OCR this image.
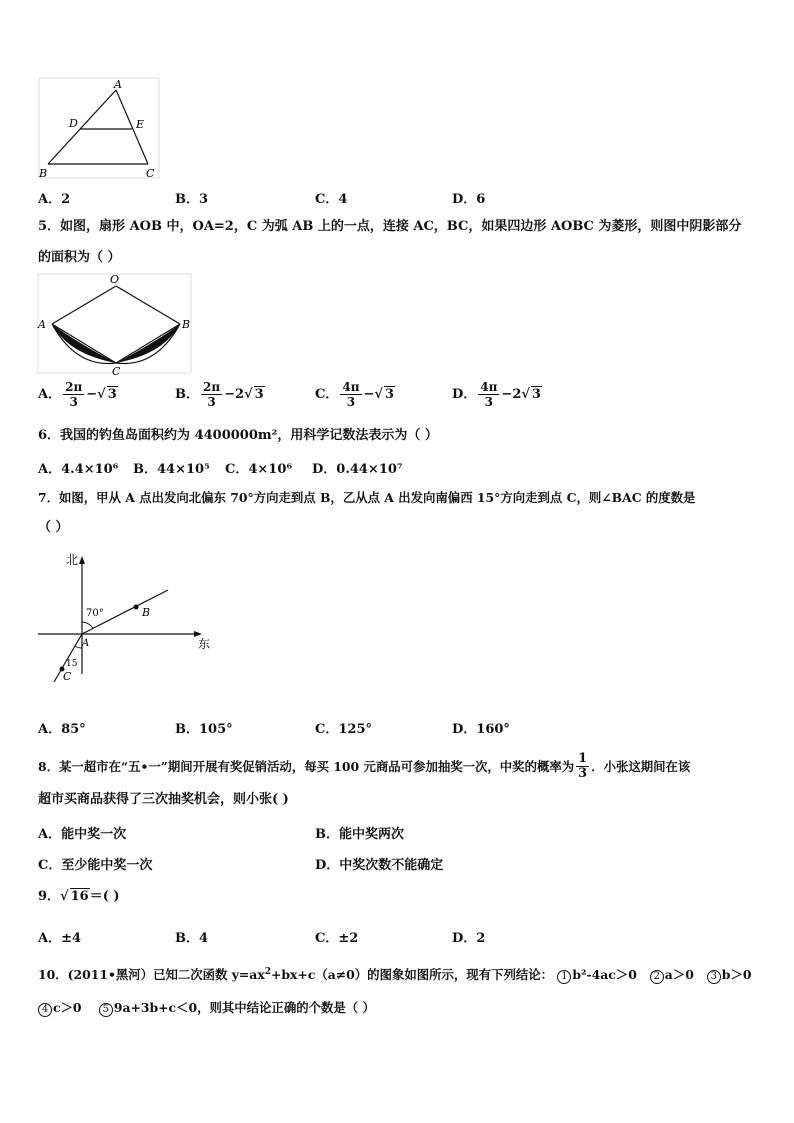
A
D	E
B	C
A．2	B．3	C．4	D．6
5．如图，扇形 AOB 中，OA=2，C 为弧 AB 上的一点，连接 AC，BC，如果四边形 AOBC 为菱形，则图中阴影部分
的面积为（ ）
O
A	B
C
A． $\frac{2\pi}{3}$ −√ 3	B． $\frac{2\pi}{3} -2√$ 3	C． $\frac{4\pi}{3}$ −√ 3	D． $\frac{4\pi}{3} -2√$ 3
6．我国的钓鱼岛面积约为 4400000m²，用科学记数法表示为（ ）
A．4.4×10⁶ B．44×10⁵ C．4×10⁶ D．0.44×10⁷
7．如图，甲从 A 点出发向北偏东 70°方向走到点 B，乙从点 A 出发向南偏西 15°方向走到点 C，则∠BAC 的度数是
（ ）
北
东
70°
15
A
B
C
A．85°	B．105°	C．125°	D．160°
8．某一超市在“五•一”期间开展有奖促销活动，每买 100 元商品可参加抽奖一次，中奖的概率为 $\frac{1}{3}$ ．小张这期间在该
超市买商品获得了三次抽奖机会，则小张( )
A．能中奖一次	B．能中奖两次
C．至少能中奖一次	D．中奖次数不能确定
9．√ 16＝( )
A．±4	B．4	C．±2	D．2
10．(2011•黑河）已知二次函数 $y=ax^2+bx+c(a\ne 0)$的图象如图所示，现有下列结论： 1 b²-4ac＞0 2 a＞0 3 b＞0
4 c＞0 5 9a+3b+c＜0，则其中结论正确的个数是（ ）
